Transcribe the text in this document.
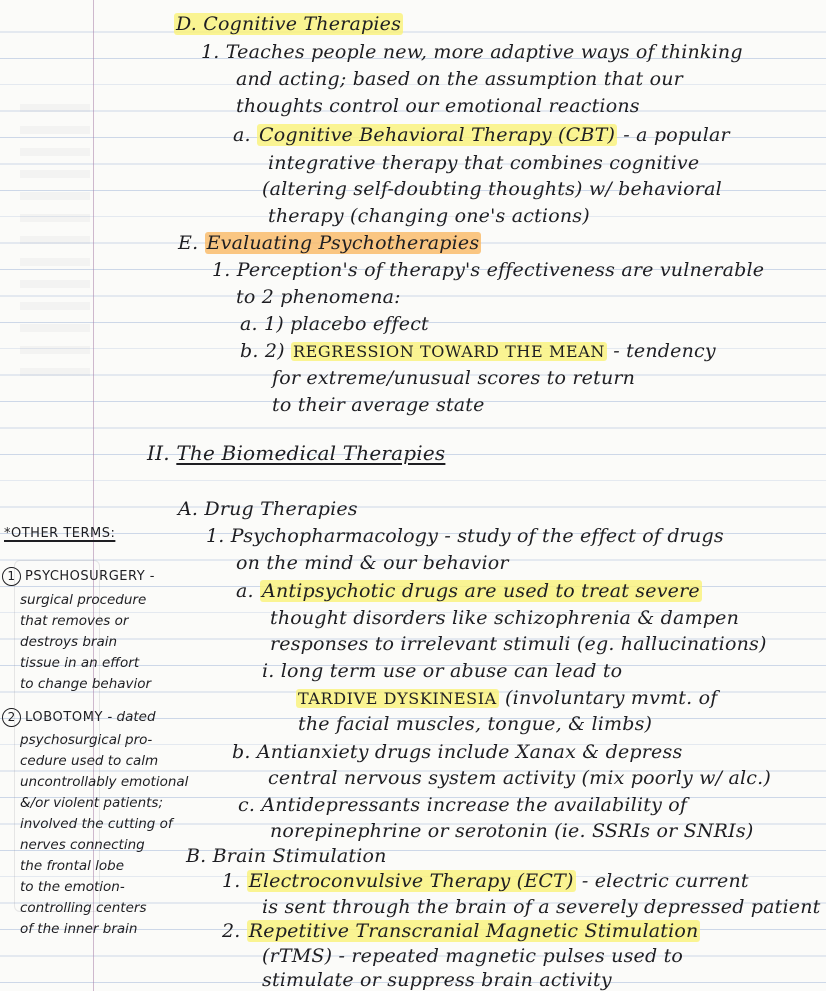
D. Cognitive Therapies
1. Teaches people new, more adaptive ways of thinking
and acting; based on the assumption that our
thoughts control our emotional reactions
a. Cognitive Behavioral Therapy (CBT) - a popular
integrative therapy that combines cognitive
(altering self-doubting thoughts) w/ behavioral
therapy (changing one's actions)
E. Evaluating Psychotherapies
1. Perception's of therapy's effectiveness are vulnerable
to 2 phenomena:
a. 1) placebo effect
b. 2) REGRESSION TOWARD THE MEAN - tendency
for extreme/unusual scores to return
to their average state
II. The Biomedical Therapies
A. Drug Therapies
1. Psychopharmacology - study of the effect of drugs
on the mind & our behavior
a. Antipsychotic drugs are used to treat severe
thought disorders like schizophrenia & dampen
responses to irrelevant stimuli (eg. hallucinations)
i. long term use or abuse can lead to
TARDIVE DYSKINESIA (involuntary mvmt. of
the facial muscles, tongue, & limbs)
b. Antianxiety drugs include Xanax & depress
central nervous system activity (mix poorly w/ alc.)
c. Antidepressants increase the availability of
norepinephrine or serotonin (ie. SSRIs or SNRIs)
B. Brain Stimulation
1. Electroconvulsive Therapy (ECT) - electric current
is sent through the brain of a severely depressed patient
2. Repetitive Transcranial Magnetic Stimulation
(rTMS) - repeated magnetic pulses used to
stimulate or suppress brain activity
*OTHER TERMS:
1 PSYCHOSURGERY -
surgical procedure
that removes or
destroys brain
tissue in an effort
to change behavior
2 LOBOTOMY - dated
psychosurgical pro-
cedure used to calm
uncontrollably emotional
&/or violent patients;
involved the cutting of
nerves connecting
the frontal lobe
to the emotion-
controlling centers
of the inner brain
